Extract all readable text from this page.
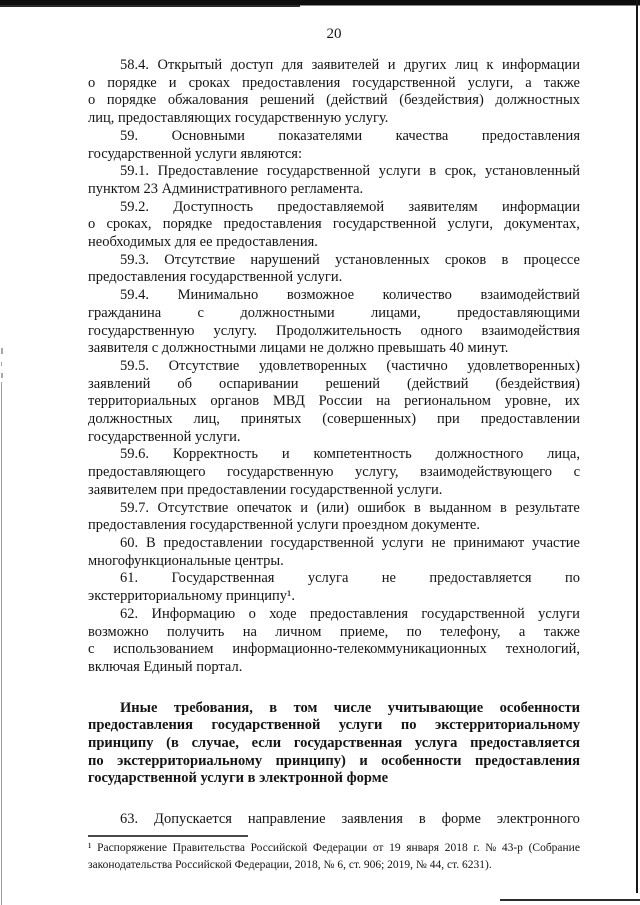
20
58.4. Открытый доступ для заявителей и других лиц к информации
о порядке и сроках предоставления государственной услуги, а также
о порядке обжалования решений (действий (бездействия) должностных
лиц, предоставляющих государственную услугу.
59. Основными показателями качества предоставления
государственной услуги являются:
59.1. Предоставление государственной услуги в срок, установленный
пунктом 23 Административного регламента.
59.2. Доступность предоставляемой заявителям информации
о сроках, порядке предоставления государственной услуги, документах,
необходимых для ее предоставления.
59.3. Отсутствие нарушений установленных сроков в процессе
предоставления государственной услуги.
59.4. Минимально возможное количество взаимодействий
гражданина	с	должностными	лицами,	предоставляющими
государственную услугу. Продолжительность одного взаимодействия
заявителя с должностными лицами не должно превышать 40 минут.
59.5. Отсутствие удовлетворенных (частично удовлетворенных)
заявлений об оспаривании решений (действий (бездействия)
территориальных органов МВД России на региональном уровне, их
должностных лиц, принятых (совершенных) при предоставлении
государственной услуги.
59.6. Корректность и компетентность должностного лица,
предоставляющего государственную услугу, взаимодействующего с
заявителем при предоставлении государственной услуги.
59.7. Отсутствие опечаток и (или) ошибок в выданном в результате
предоставления государственной услуги проездном документе.
60. В предоставлении государственной услуги не принимают участие
многофункциональные центры.
61. Государственная услуга не предоставляется по
экстерриториальному принципу¹.
62. Информацию о ходе предоставления государственной услуги
возможно получить на личном приеме, по телефону, а также
с использованием информационно-телекоммуникационных технологий,
включая Единый портал.
Иные требования, в том числе учитывающие особенности
предоставления государственной услуги по экстерриториальному
принципу (в случае, если государственная услуга предоставляется
по экстерриториальному принципу) и особенности предоставления
государственной услуги в электронной форме
63. Допускается направление заявления в форме электронного
¹ Распоряжение Правительства Российской Федерации от 19 января 2018 г. № 43-р (Собрание
законодательства Российской Федерации, 2018, № 6, ст. 906; 2019, № 44, ст. 6231).
